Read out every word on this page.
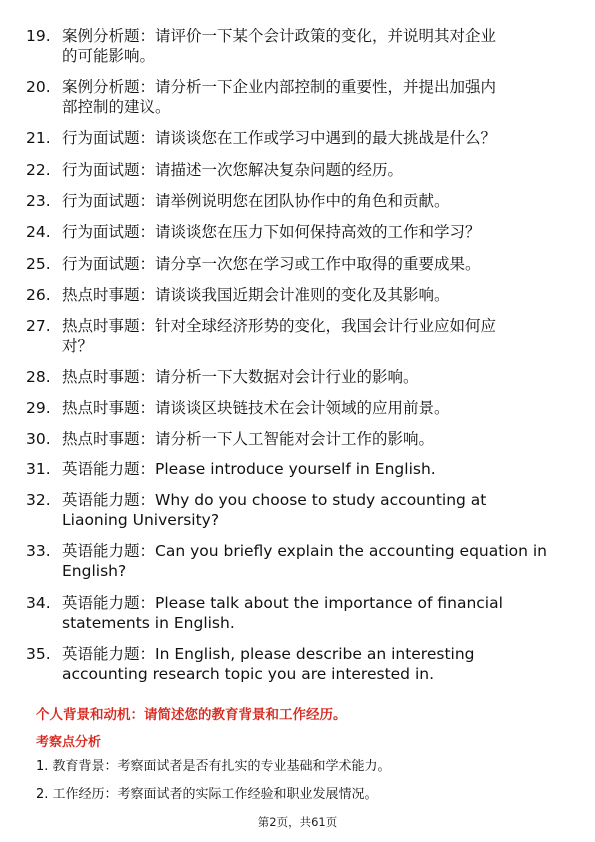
19. 案例分析题：请评价一下某个会计政策的变化，并说明其对企业
的可能影响。
20. 案例分析题：请分析一下企业内部控制的重要性，并提出加强内
部控制的建议。
21. 行为面试题：请谈谈您在工作或学习中遇到的最大挑战是什么？
22. 行为面试题：请描述一次您解决复杂问题的经历。
23. 行为面试题：请举例说明您在团队协作中的角色和贡献。
24. 行为面试题：请谈谈您在压力下如何保持高效的工作和学习？
25. 行为面试题：请分享一次您在学习或工作中取得的重要成果。
26. 热点时事题：请谈谈我国近期会计准则的变化及其影响。
27. 热点时事题：针对全球经济形势的变化，我国会计行业应如何应
对？
28. 热点时事题：请分析一下大数据对会计行业的影响。
29. 热点时事题：请谈谈区块链技术在会计领域的应用前景。
30. 热点时事题：请分析一下人工智能对会计工作的影响。
31. 英语能力题：Please introduce yourself in English.
32. 英语能力题：Why do you choose to study accounting at
Liaoning University?
33. 英语能力题：Can you briefly explain the accounting equation in
English?
34. 英语能力题：Please talk about the importance of financial
statements in English.
35. 英语能力题：In English, please describe an interesting
accounting research topic you are interested in.
个人背景和动机：请简述您的教育背景和工作经历。
考察点分析
1. 教育背景：考察面试者是否有扎实的专业基础和学术能力。
2. 工作经历：考察面试者的实际工作经验和职业发展情况。
第2页，共61页
